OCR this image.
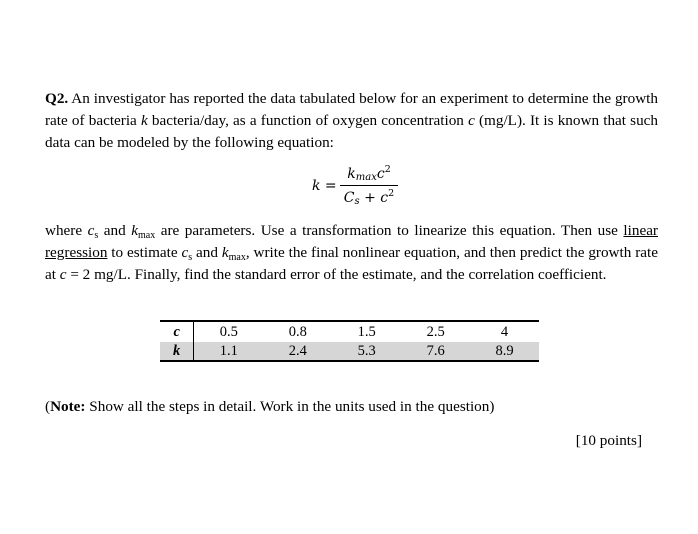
Q2. An investigator has reported the data tabulated below for an experiment to determine the growth rate of bacteria k bacteria/day, as a function of oxygen concentration c (mg/L). It is known that such data can be modeled by the following equation:
k =
$k_{max}c^2$
$C_s + c^2$
where $c_s$ and $k_{max}$ are parameters. Use a transformation to linearize this equation. Then use linear regression to estimate $c_s$ and $k_{max}$, write the final nonlinear equation, and then predict the growth rate at c = 2 mg/L. Finally, find the standard error of the estimate, and the correlation coefficient.
c	0.5	0.8	1.5	2.5	4
k	1.1	2.4	5.3	7.6	8.9
(Note: Show all the steps in detail. Work in the units used in the question)
[10 points]
